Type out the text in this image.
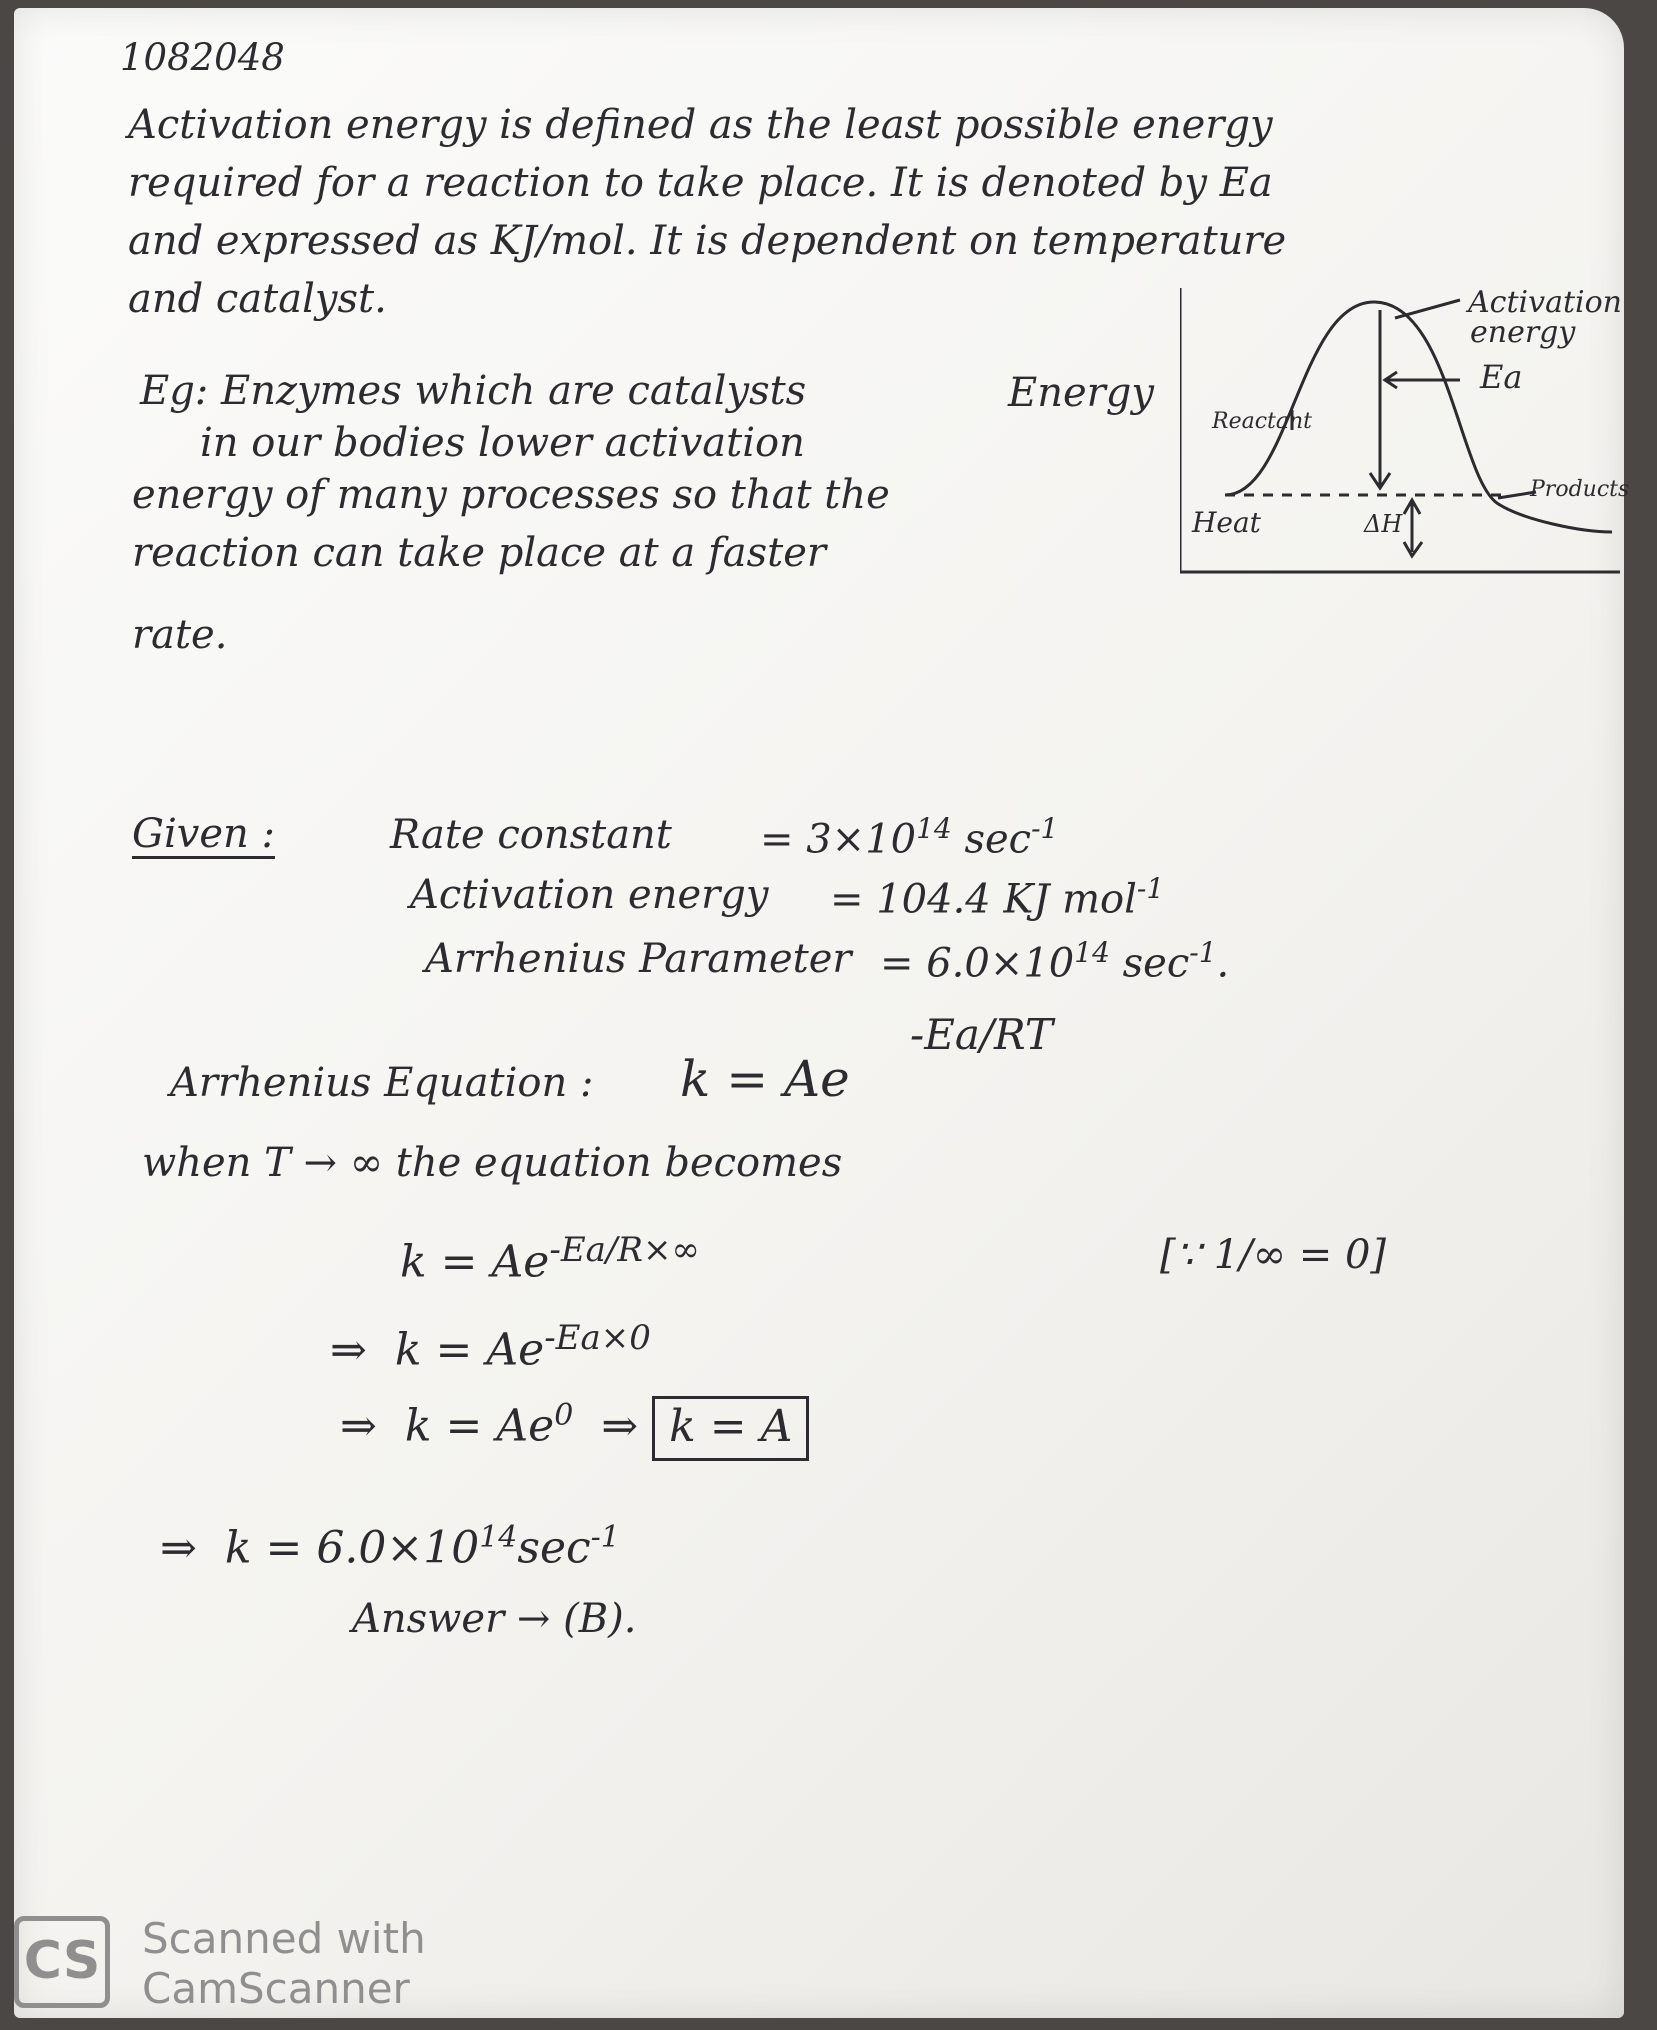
1082048
Activation energy is defined as the least possible energy
required for a reaction to take place. It is denoted by Ea
and expressed as KJ/mol. It is dependent on temperature
and catalyst.
Eg: Enzymes which are catalysts
in our bodies lower activation
energy of many processes so that the
reaction can take place at a faster
rate.
Energy
Reactant
Products
Heat	ΔH
Activation
energy
Ea
Given :	Rate constant = $3\times 10^{14}$ $\sec^{-1}$
Activation energy = 104.4 KJ mol$^{-1}$
Arrhenius Parameter = $6.0\times 10^{14}$ $\sec^{-1}$.
-Ea/RT
Arrhenius Equation : k = Ae
when T → ∞ the equation becomes
$k = Ae^{-Ea/R\times\infty}$	[∵ 1/∞ = 0]
⇒ $k = Ae^{-Ea\times 0}$
⇒ $k = Ae^0$ ⇒ k = A
⇒ $k = 6.0\times 10^{14}\sec^{-1}$
Answer → (B).
CS Scanned with
CamScanner
